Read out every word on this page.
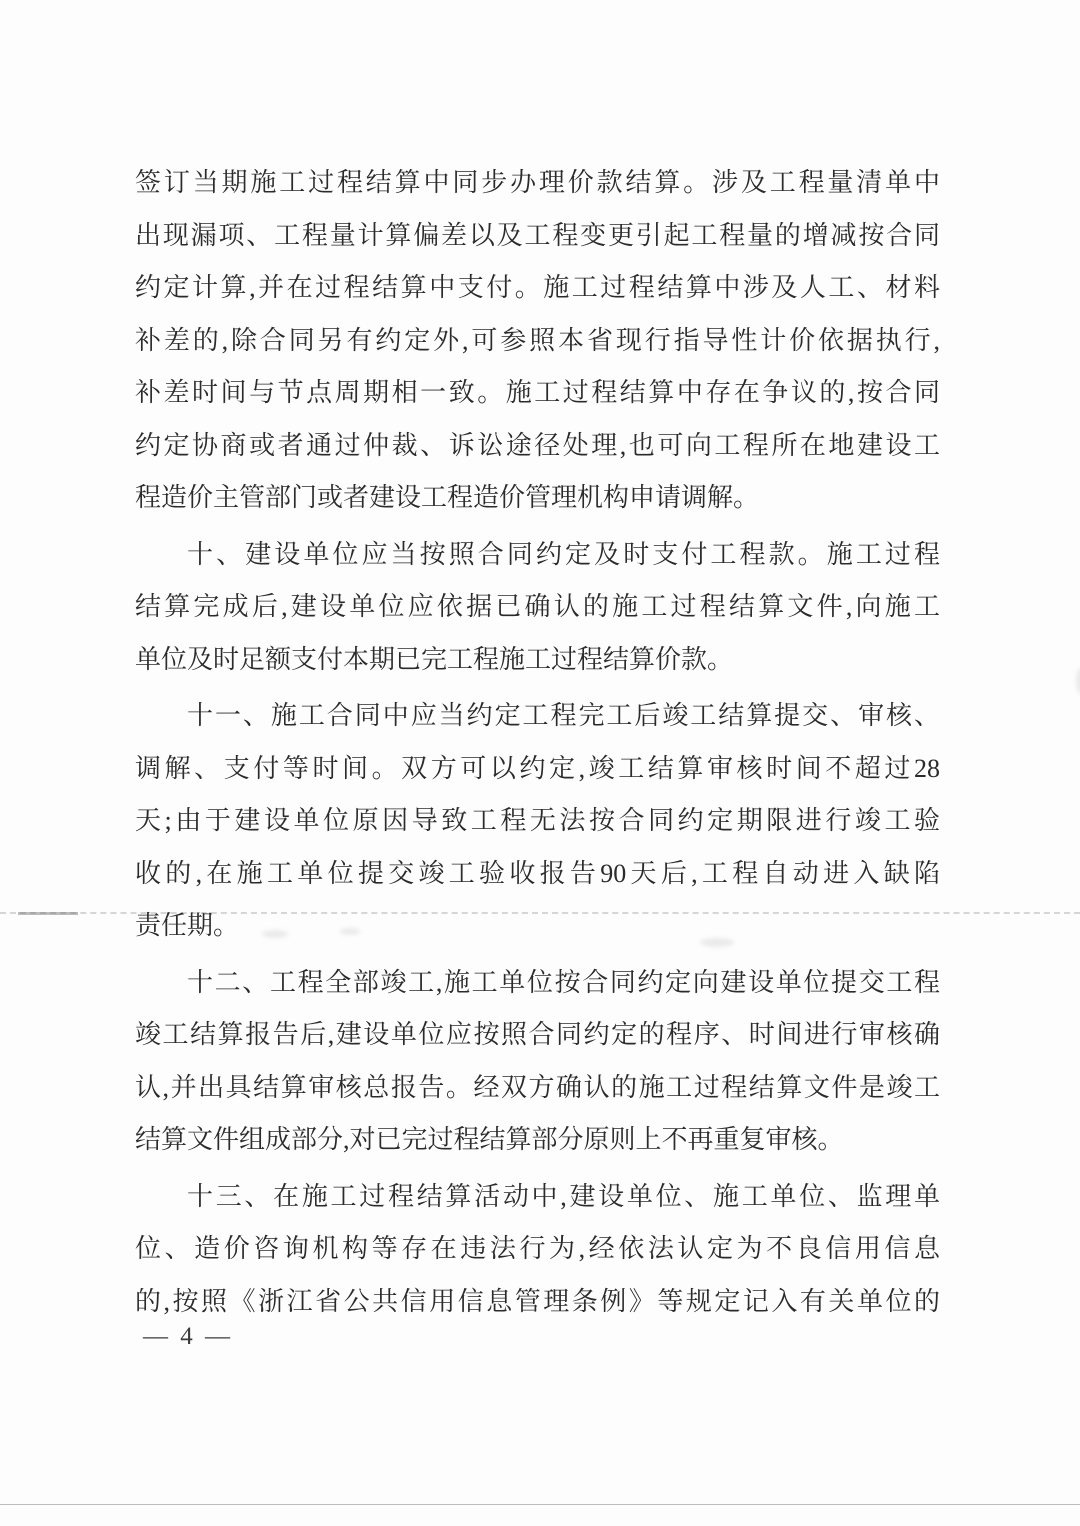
签订当期施工过程结算中同步办理价款结算。涉及工程量清单中
出现漏项、工程量计算偏差以及工程变更引起工程量的增减按合同
约定计算,并在过程结算中支付。施工过程结算中涉及人工、材料
补差的,除合同另有约定外,可参照本省现行指导性计价依据执行,
补差时间与节点周期相一致。施工过程结算中存在争议的,按合同
约定协商或者通过仲裁、诉讼途径处理,也可向工程所在地建设工
程造价主管部门或者建设工程造价管理机构申请调解。
十、建设单位应当按照合同约定及时支付工程款。施工过程
结算完成后,建设单位应依据已确认的施工过程结算文件,向施工
单位及时足额支付本期已完工程施工过程结算价款。
十一、施工合同中应当约定工程完工后竣工结算提交、审核、
调解、支付等时间。双方可以约定,竣工结算审核时间不超过28
天;由于建设单位原因导致工程无法按合同约定期限进行竣工验
收的,在施工单位提交竣工验收报告90天后,工程自动进入缺陷
责任期。
十二、工程全部竣工,施工单位按合同约定向建设单位提交工程
竣工结算报告后,建设单位应按照合同约定的程序、时间进行审核确
认,并出具结算审核总报告。经双方确认的施工过程结算文件是竣工
结算文件组成部分,对已完过程结算部分原则上不再重复审核。
十三、在施工过程结算活动中,建设单位、施工单位、监理单
位、造价咨询机构等存在违法行为,经依法认定为不良信用信息
的,按照《浙江省公共信用信息管理条例》等规定记入有关单位的
— 4 —
